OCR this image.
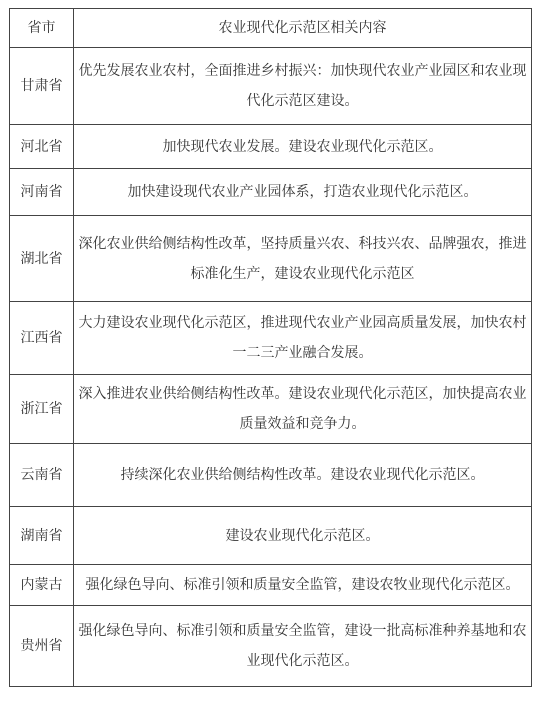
省市	农业现代化示范区相关内容
甘肃省	优先发展农业农村，全面推进乡村振兴：加快现代农业产业园区和农业现代化示范区建设。
河北省	加快现代农业发展。建设农业现代化示范区。
河南省	加快建设现代农业产业园体系，打造农业现代化示范区。
湖北省	深化农业供给侧结构性改革，坚持质量兴农、科技兴农、品牌强农，推进标准化生产，建设农业现代化示范区
江西省	大力建设农业现代化示范区，推进现代农业产业园高质量发展，加快农村一二三产业融合发展。
浙江省	深入推进农业供给侧结构性改革。建设农业现代化示范区，加快提高农业质量效益和竞争力。
云南省	持续深化农业供给侧结构性改革。建设农业现代化示范区。
湖南省	建设农业现代化示范区。
内蒙古	强化绿色导向、标准引领和质量安全监管，建设农牧业现代化示范区。
贵州省	强化绿色导向、标准引领和质量安全监管，建设一批高标准种养基地和农业现代化示范区。
